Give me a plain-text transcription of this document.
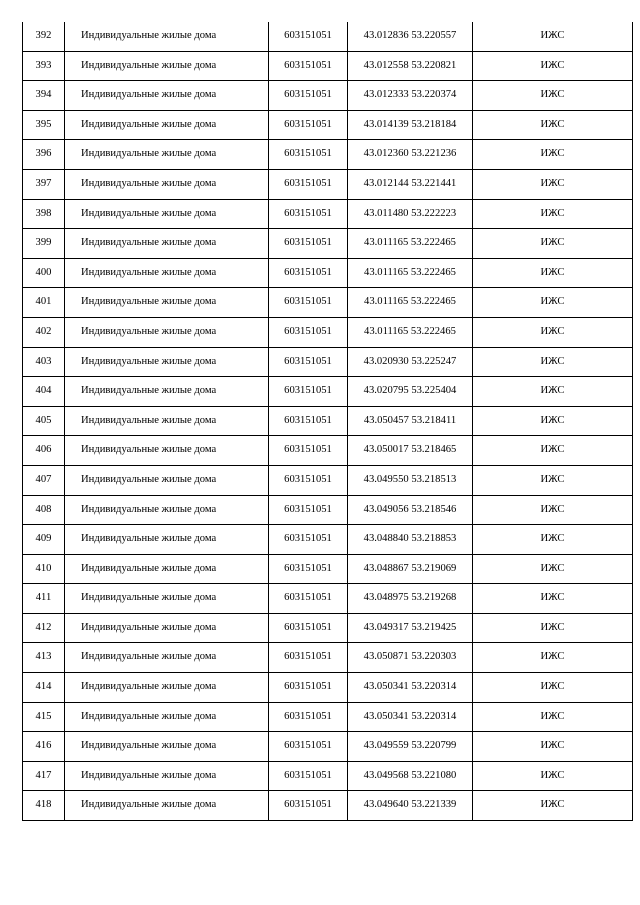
392	Индивидуальные жилые дома	603151051	43.012836 53.220557	ИЖС
393	Индивидуальные жилые дома	603151051	43.012558 53.220821	ИЖС
394	Индивидуальные жилые дома	603151051	43.012333 53.220374	ИЖС
395	Индивидуальные жилые дома	603151051	43.014139 53.218184	ИЖС
396	Индивидуальные жилые дома	603151051	43.012360 53.221236	ИЖС
397	Индивидуальные жилые дома	603151051	43.012144 53.221441	ИЖС
398	Индивидуальные жилые дома	603151051	43.011480 53.222223	ИЖС
399	Индивидуальные жилые дома	603151051	43.011165 53.222465	ИЖС
400	Индивидуальные жилые дома	603151051	43.011165 53.222465	ИЖС
401	Индивидуальные жилые дома	603151051	43.011165 53.222465	ИЖС
402	Индивидуальные жилые дома	603151051	43.011165 53.222465	ИЖС
403	Индивидуальные жилые дома	603151051	43.020930 53.225247	ИЖС
404	Индивидуальные жилые дома	603151051	43.020795 53.225404	ИЖС
405	Индивидуальные жилые дома	603151051	43.050457 53.218411	ИЖС
406	Индивидуальные жилые дома	603151051	43.050017 53.218465	ИЖС
407	Индивидуальные жилые дома	603151051	43.049550 53.218513	ИЖС
408	Индивидуальные жилые дома	603151051	43.049056 53.218546	ИЖС
409	Индивидуальные жилые дома	603151051	43.048840 53.218853	ИЖС
410	Индивидуальные жилые дома	603151051	43.048867 53.219069	ИЖС
411	Индивидуальные жилые дома	603151051	43.048975 53.219268	ИЖС
412	Индивидуальные жилые дома	603151051	43.049317 53.219425	ИЖС
413	Индивидуальные жилые дома	603151051	43.050871 53.220303	ИЖС
414	Индивидуальные жилые дома	603151051	43.050341 53.220314	ИЖС
415	Индивидуальные жилые дома	603151051	43.050341 53.220314	ИЖС
416	Индивидуальные жилые дома	603151051	43.049559 53.220799	ИЖС
417	Индивидуальные жилые дома	603151051	43.049568 53.221080	ИЖС
418	Индивидуальные жилые дома	603151051	43.049640 53.221339	ИЖС
